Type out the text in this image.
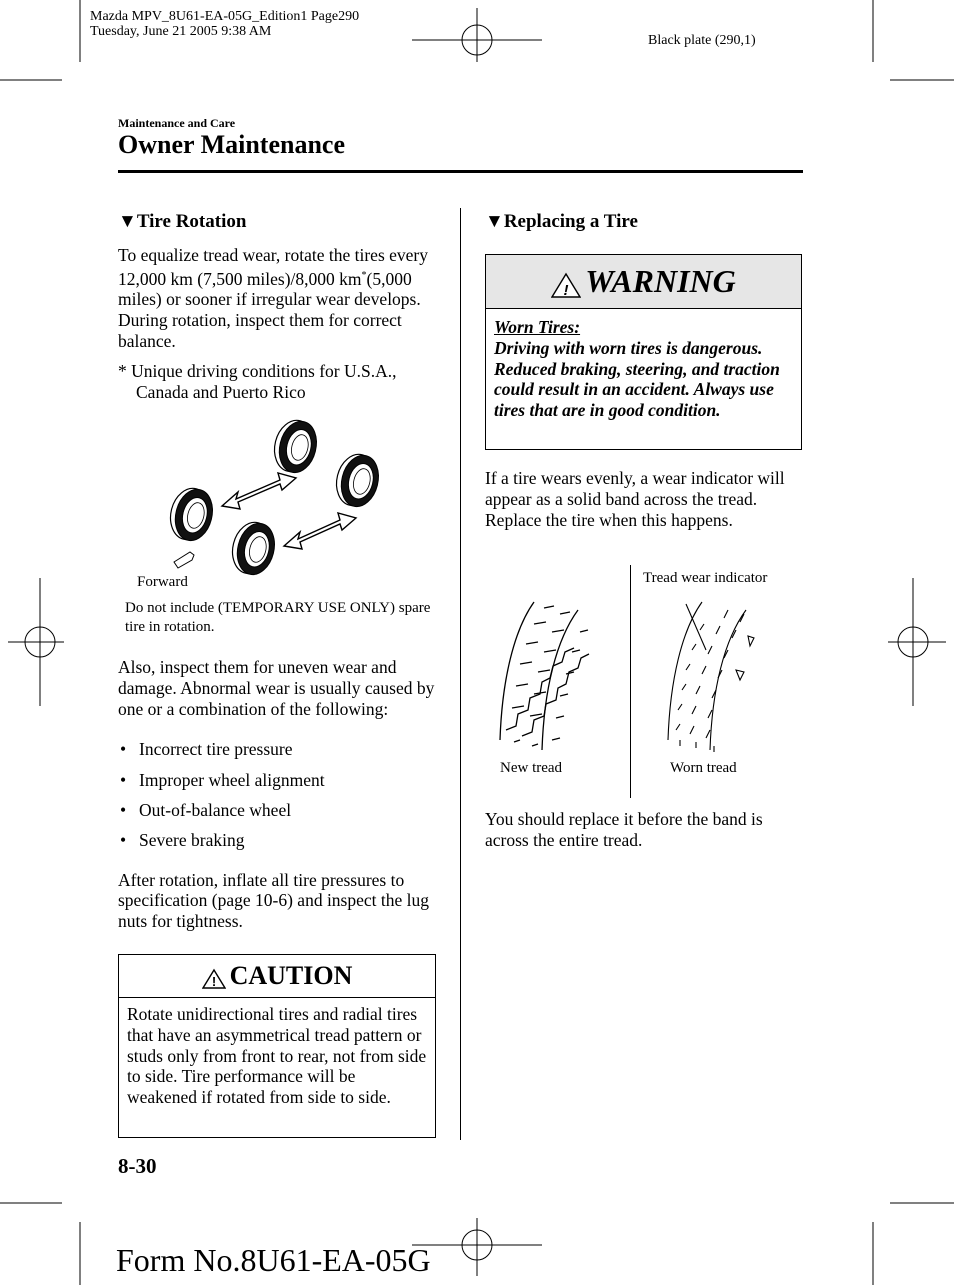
Mazda MPV_8U61-EA-05G_Edition1 Page290
Tuesday, June 21 2005 9:38 AM
Black plate (290,1)
Maintenance and Care
Owner Maintenance
▼Tire Rotation

To equalize tread wear, rotate the tires every 12,000 km (7,500 miles)/8,000 km*(5,000 miles) or sooner if irregular wear develops. During rotation, inspect them for correct balance.

* Unique driving conditions for U.S.A., Canada and Puerto Rico
Forward
Do not include (TEMPORARY USE ONLY) spare tire in rotation.
Also, inspect them for uneven wear and damage. Abnormal wear is usually caused by one or a combination of the following:
• Incorrect tire pressure
• Improper wheel alignment
• Out-of-balance wheel
• Severe braking
After rotation, inflate all tire pressures to specification (page 10-6) and inspect the lug nuts for tightness.
! CAUTION
Rotate unidirectional tires and radial tires that have an asymmetrical tread pattern or studs only from front to rear, not from side to side. Tire performance will be weakened if rotated from side to side.
▼Replacing a Tire
! WARNING
Worn Tires:
Driving with worn tires is dangerous. Reduced braking, steering, and traction could result in an accident. Always use tires that are in good condition.

If a tire wears evenly, a wear indicator will appear as a solid band across the tread.

Replace the tire when this happens.

Tread wear indicator
New tread	Worn tread
You should replace it before the band is across the entire tread.
8-30
Form No.8U61-EA-05G
